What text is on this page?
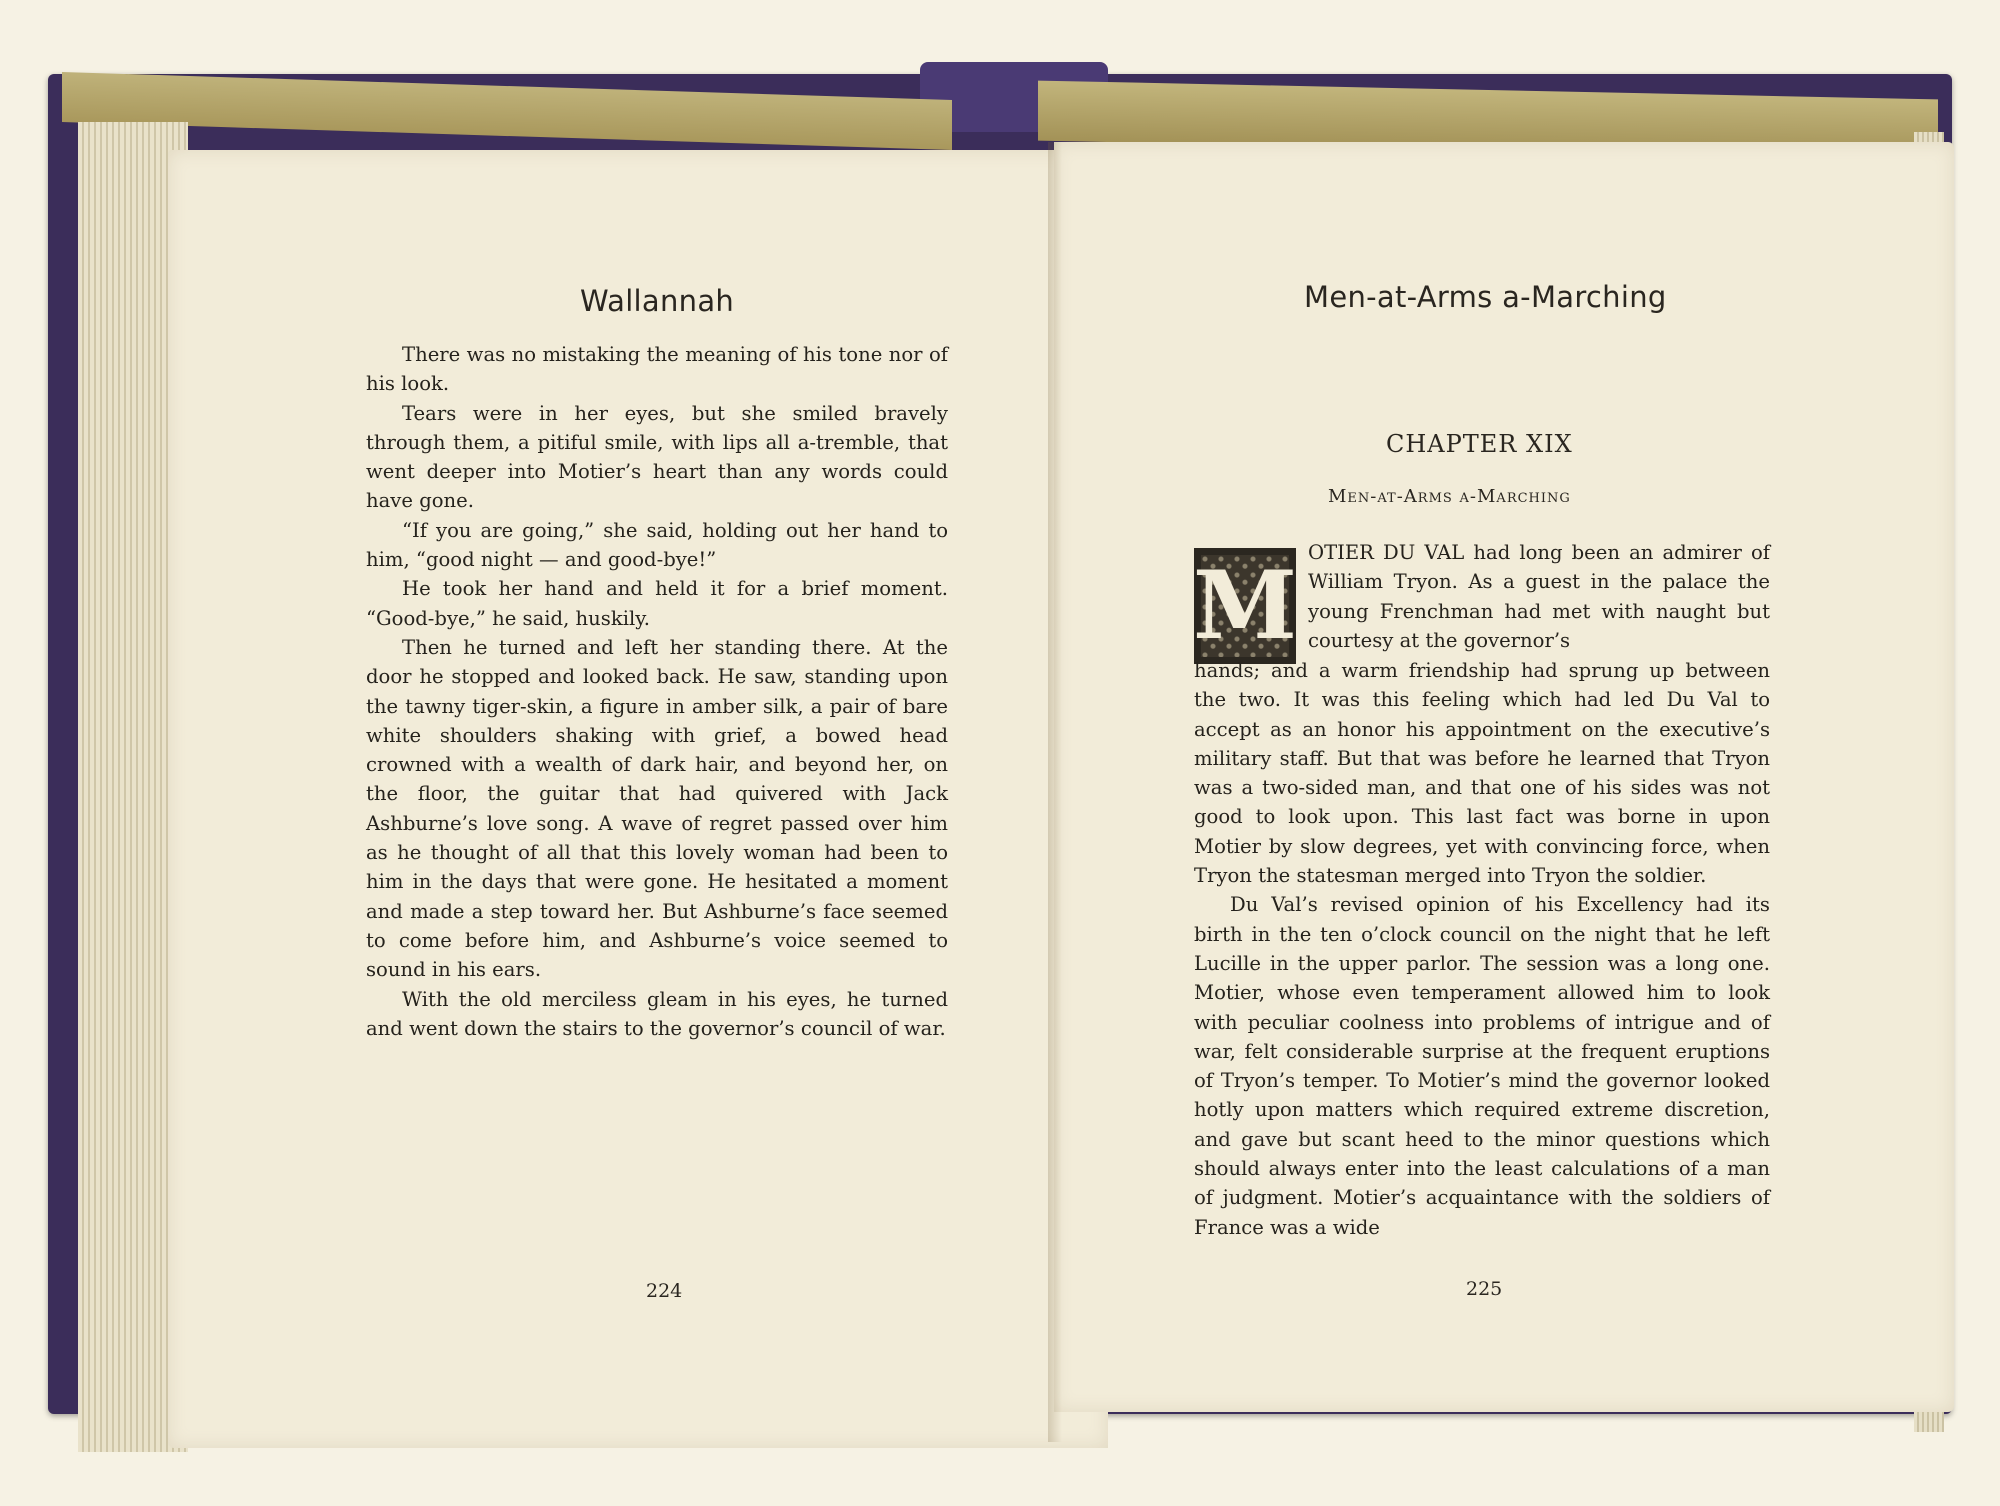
Wallannah

There was no mistaking the meaning of his tone nor of his look.

Tears were in her eyes, but she smiled bravely through them, a pitiful smile, with lips all a-tremble, that went deeper into Motier’s heart than any words could have gone.

“If you are going,” she said, holding out her hand to him, “good night — and good-bye!”

He took her hand and held it for a brief moment. “Good-bye,” he said, huskily.

Then he turned and left her standing there. At the door he stopped and looked back. He saw, standing upon the tawny tiger-skin, a figure in amber silk, a pair of bare white shoulders shaking with grief, a bowed head crowned with a wealth of dark hair, and beyond her, on the floor, the guitar that had quivered with Jack Ashburne’s love song. A wave of regret passed over him as he thought of all that this lovely woman had been to him in the days that were gone. He hesitated a moment and made a step toward her. But Ashburne’s face seemed to come before him, and Ashburne’s voice seemed to sound in his ears.

With the old merciless gleam in his eyes, he turned and went down the stairs to the governor’s council of war.

224
Men-at-Arms a-Marching
CHAPTER XIX
Men-at-Arms a-Marching
M OTIER DU VAL had long been an admirer of William Tryon. As a guest in the palace the young Frenchman had met with naught but courtesy at the governor’s

hands; and a warm friendship had sprung up between the two. It was this feeling which had led Du Val to accept as an honor his appointment on the executive’s military staff. But that was before he learned that Tryon was a two-sided man, and that one of his sides was not good to look upon. This last fact was borne in upon Motier by slow degrees, yet with convincing force, when Tryon the statesman merged into Tryon the soldier.

Du Val’s revised opinion of his Excellency had its birth in the ten o’clock council on the night that he left Lucille in the upper parlor. The session was a long one. Motier, whose even temperament allowed him to look with peculiar coolness into problems of intrigue and of war, felt considerable surprise at the frequent eruptions of Tryon’s temper. To Motier’s mind the governor looked hotly upon matters which required extreme discretion, and gave but scant heed to the minor questions which should always enter into the least calculations of a man of judgment. Motier’s acquaintance with the soldiers of France was a wide

225
